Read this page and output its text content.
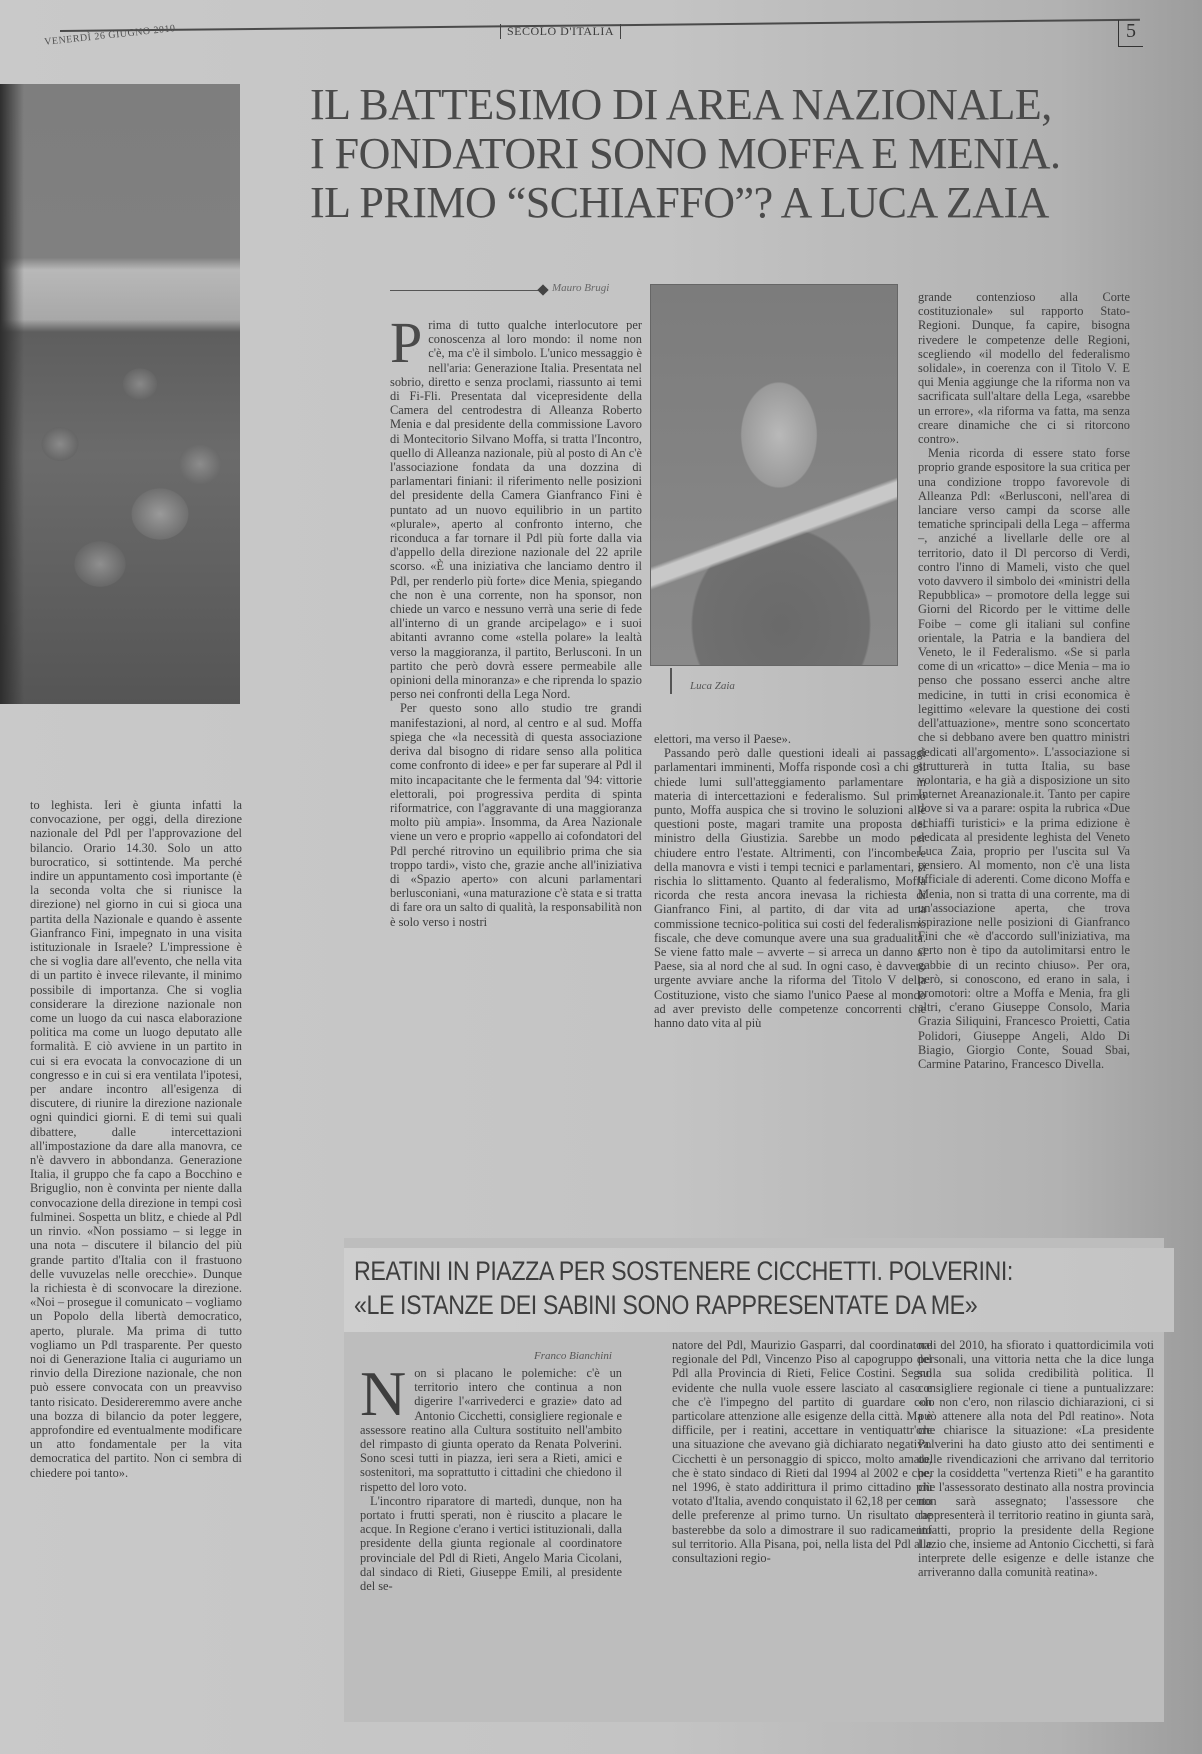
VENERDÌ 26 GIUGNO 2010	SECOLO D'ITALIA	5
IL BATTESIMO DI AREA NAZIONALE,
I FONDATORI SONO MOFFA E MENIA.
IL PRIMO “SCHIAFFO”? A LUCA ZAIA
Mauro Brugi

Prima di tutto qualche interlocutore per conoscenza al loro mondo: il nome non c'è, ma c'è il simbolo. L'unico messaggio è nell'aria: Generazione Italia. Presentata nel sobrio, diretto e senza proclami, riassunto ai temi di Fi-Fli. Presentata dal vicepresidente della Camera del centrodestra di Alleanza Roberto Menia e dal presidente della commissione Lavoro di Montecitorio Silvano Moffa, si tratta l'Incontro, quello di Alleanza nazionale, più al posto di An c'è l'associazione fondata da una dozzina di parlamentari finiani: il riferimento nelle posizioni del presidente della Camera Gianfranco Fini è puntato ad un nuovo equilibrio in un partito «plurale», aperto al confronto interno, che riconduca a far tornare il Pdl più forte dalla via d'appello della direzione nazionale del 22 aprile scorso. «È una iniziativa che lanciamo dentro il Pdl, per renderlo più forte» dice Menia, spiegando che non è una corrente, non ha sponsor, non chiede un varco e nessuno verrà una serie di fede all'interno di un grande arcipelago» e i suoi abitanti avranno come «stella polare» la lealtà verso la maggioranza, il partito, Berlusconi. In un partito che però dovrà essere permeabile alle opinioni della minoranza» e che riprenda lo spazio perso nei confronti della Lega Nord.

Per questo sono allo studio tre grandi manifestazioni, al nord, al centro e al sud. Moffa spiega che «la necessità di questa associazione deriva dal bisogno di ridare senso alla politica come confronto di idee» e per far superare al Pdl il mito incapacitante che le fermenta dal '94: vittorie elettorali, poi progressiva perdita di spinta riformatrice, con l'aggravante di una maggioranza molto più ampia». Insomma, da Area Nazionale viene un vero e proprio «appello ai cofondatori del Pdl perché ritrovino un equilibrio prima che sia troppo tardi», visto che, grazie anche all'iniziativa di «Spazio aperto» con alcuni parlamentari berlusconiani, «una maturazione c'è stata e si tratta di fare ora un salto di qualità, la responsabilità non è solo verso i nostri

Luca Zaia

elettori, ma verso il Paese».

Passando però dalle questioni ideali ai passaggi parlamentari imminenti, Moffa risponde così a chi gli chiede lumi sull'atteggiamento parlamentare in materia di intercettazioni e federalismo. Sul primo punto, Moffa auspica che si trovino le soluzioni alle questioni poste, magari tramite una proposta del ministro della Giustizia. Sarebbe un modo per chiudere entro l'estate. Altrimenti, con l'incombere della manovra e visti i tempi tecnici e parlamentari, si rischia lo slittamento. Quanto al federalismo, Moffa ricorda che resta ancora inevasa la richiesta di Gianfranco Fini, al partito, di dar vita ad una commissione tecnico-politica sui costi del federalismo fiscale, che deve comunque avere una sua gradualità. Se viene fatto male – avverte – si arreca un danno al Paese, sia al nord che al sud. In ogni caso, è davvero urgente avviare anche la riforma del Titolo V della Costituzione, visto che siamo l'unico Paese al mondo ad aver previsto delle competenze concorrenti che hanno dato vita al più

grande contenzioso alla Corte costituzionale» sul rapporto Stato-Regioni. Dunque, fa capire, bisogna rivedere le competenze delle Regioni, scegliendo «il modello del federalismo solidale», in coerenza con il Titolo V. E qui Menia aggiunge che la riforma non va sacrificata sull'altare della Lega, «sarebbe un errore», «la riforma va fatta, ma senza creare dinamiche che ci si ritorcono contro».

Menia ricorda di essere stato forse proprio grande espositore la sua critica per una condizione troppo favorevole di Alleanza Pdl: «Berlusconi, nell'area di lanciare verso campi da scorse alle tematiche sprincipali della Lega – afferma –, anziché a livellarle delle ore al territorio, dato il Dl percorso di Verdi, contro l'inno di Mameli, visto che quel voto davvero il simbolo dei «ministri della Repubblica» – promotore della legge sui Giorni del Ricordo per le vittime delle Foibe – come gli italiani sul confine orientale, la Patria e la bandiera del Veneto, le il Federalismo. «Se si parla come di un «ricatto» – dice Menia – ma io penso che possano esserci anche altre medicine, in tutti in crisi economica è legittimo «elevare la questione dei costi dell'attuazione», mentre sono sconcertato che si debbano avere ben quattro ministri dedicati all'argomento». L'associazione si strutturerà in tutta Italia, su base volontaria, e ha già a disposizione un sito Internet Areanazionale.it. Tanto per capire dove si va a parare: ospita la rubrica «Due schiaffi turistici» e la prima edizione è dedicata al presidente leghista del Veneto Luca Zaia, proprio per l'uscita sul Va pensiero. Al momento, non c'è una lista ufficiale di aderenti. Come dicono Moffa e Menia, non si tratta di una corrente, ma di un'associazione aperta, che trova ispirazione nelle posizioni di Gianfranco Fini che «è d'accordo sull'iniziativa, ma certo non è tipo da autolimitarsi entro le gabbie di un recinto chiuso». Per ora, però, si conoscono, ed erano in sala, i promotori: oltre a Moffa e Menia, fra gli altri, c'erano Giuseppe Consolo, Maria Grazia Siliquini, Francesco Proietti, Catia Polidori, Giuseppe Angeli, Aldo Di Biagio, Giorgio Conte, Souad Sbai, Carmine Patarino, Francesco Divella.

to leghista. Ieri è giunta infatti la convocazione, per oggi, della direzione nazionale del Pdl per l'approvazione del bilancio. Orario 14.30. Solo un atto burocratico, si sottintende. Ma perché indire un appuntamento così importante (è la seconda volta che si riunisce la direzione) nel giorno in cui si gioca una partita della Nazionale e quando è assente Gianfranco Fini, impegnato in una visita istituzionale in Israele? L'impressione è che si voglia dare all'evento, che nella vita di un partito è invece rilevante, il minimo possibile di importanza. Che si voglia considerare la direzione nazionale non come un luogo da cui nasca elaborazione politica ma come un luogo deputato alle formalità. E ciò avviene in un partito in cui si era evocata la convocazione di un congresso e in cui si era ventilata l'ipotesi, per andare incontro all'esigenza di discutere, di riunire la direzione nazionale ogni quindici giorni. E di temi sui quali dibattere, dalle intercettazioni all'impostazione da dare alla manovra, ce n'è davvero in abbondanza. Generazione Italia, il gruppo che fa capo a Bocchino e Briguglio, non è convinta per niente dalla convocazione della direzione in tempi così fulminei. Sospetta un blitz, e chiede al Pdl un rinvio. «Non possiamo – si legge in una nota – discutere il bilancio del più grande partito d'Italia con il frastuono delle vuvuzelas nelle orecchie». Dunque la richiesta è di sconvocare la direzione. «Noi – prosegue il comunicato – vogliamo un Popolo della libertà democratico, aperto, plurale. Ma prima di tutto vogliamo un Pdl trasparente. Per questo noi di Generazione Italia ci auguriamo un rinvio della Direzione nazionale, che non può essere convocata con un preavviso tanto risicato. Desidereremmo avere anche una bozza di bilancio da poter leggere, approfondire ed eventualmente modificare un atto fondamentale per la vita democratica del partito. Non ci sembra di chiedere poi tanto».

REATINI IN PIAZZA PER SOSTENERE CICCHETTI. POLVERINI:
«LE ISTANZE DEI SABINI SONO RAPPRESENTATE DA ME»
Franco Bianchini

Non si placano le polemiche: c'è un territorio intero che continua a non digerire l'«arrivederci e grazie» dato ad Antonio Cicchetti, consigliere regionale e assessore reatino alla Cultura sostituito nell'ambito del rimpasto di giunta operato da Renata Polverini. Sono scesi tutti in piazza, ieri sera a Rieti, amici e sostenitori, ma soprattutto i cittadini che chiedono il rispetto del loro voto.

L'incontro riparatore di martedì, dunque, non ha portato i frutti sperati, non è riuscito a placare le acque. In Regione c'erano i vertici istituzionali, dalla presidente della giunta regionale al coordinatore provinciale del Pdl di Rieti, Angelo Maria Cicolani, dal sindaco di Rieti, Giuseppe Emili, al presidente del se-

natore del Pdl, Maurizio Gasparri, dal coordinatore regionale del Pdl, Vincenzo Piso al capogruppo del Pdl alla Provincia di Rieti, Felice Costini. Segno evidente che nulla vuole essere lasciato al caso e che c'è l'impegno del partito di guardare con particolare attenzione alle esigenze della città. Ma è difficile, per i reatini, accettare in ventiquattr'ore una situazione che avevano già dichiarato negativa. Cicchetti è un personaggio di spicco, molto amato, che è stato sindaco di Rieti dal 1994 al 2002 e che, nel 1996, è stato addirittura il primo cittadino più votato d'Italia, avendo conquistato il 62,18 per cento delle preferenze al primo turno. Un risultato che basterebbe da solo a dimostrare il suo radicamento sul territorio. Alla Pisana, poi, nella lista del Pdl alle consultazioni regio-

nali del 2010, ha sfiorato i quattordicimila voti personali, una vittoria netta che la dice lunga sulla sua solida credibilità politica. Il consigliere regionale ci tiene a puntualizzare: «Io non c'ero, non rilascio dichiarazioni, ci si può attenere alla nota del Pdl reatino». Nota che chiarisce la situazione: «La presidente Polverini ha dato giusto atto dei sentimenti e delle rivendicazioni che arrivano dal territorio per la cosiddetta "vertenza Rieti" e ha garantito che l'assessorato destinato alla nostra provincia non sarà assegnato; l'assessore che rappresenterà il territorio reatino in giunta sarà, infatti, proprio la presidente della Regione Lazio che, insieme ad Antonio Cicchetti, si farà interprete delle esigenze e delle istanze che arriveranno dalla comunità reatina».
